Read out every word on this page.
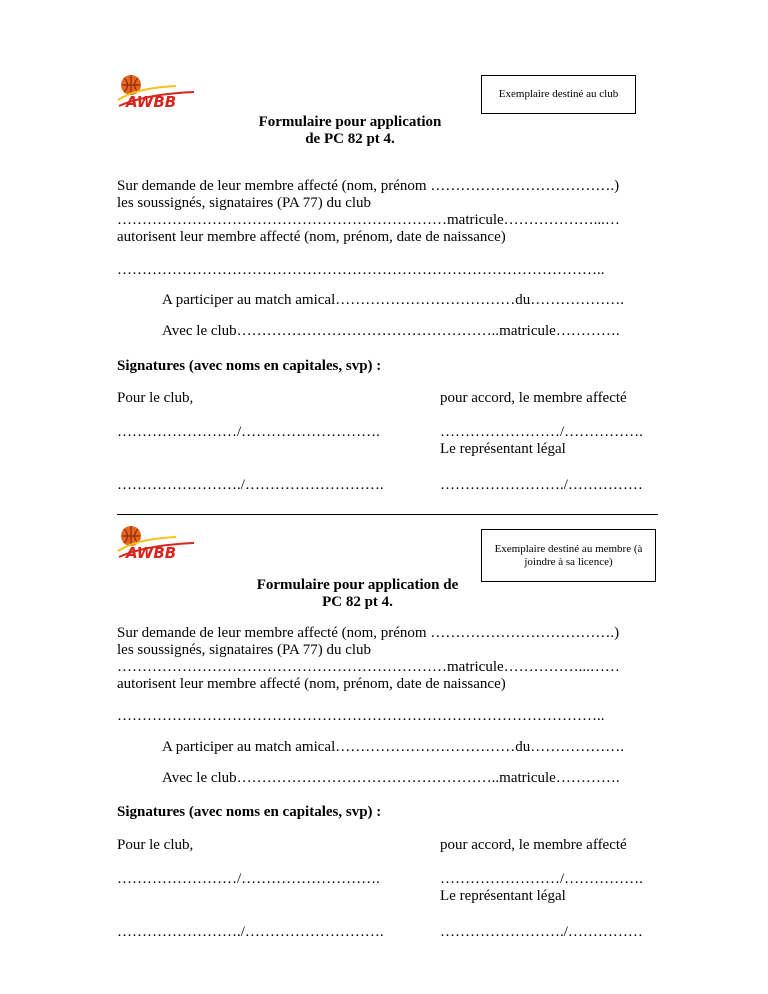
AWBB	Exemplaire destiné au club
Formulaire pour application
de PC 82 pt 4.
Sur demande de leur membre affecté (nom, prénom ……………………………….)
les soussignés, signataires (PA 77) du club
…………………………………………………………matricule………………...…
autorisent leur membre affecté (nom, prénom, date de naissance)
……………………………………………………………………………………..
A participer au match amical………………………………du……………….
Avec le club……………………………………………..matricule………….
Signatures (avec noms en capitales, svp) :
Pour le club,	pour accord, le membre affecté
……………………/……………………….	……………………/…………….
Le représentant légal
……………………./……………………….	……………………./……………
AWBB	Exemplaire destiné au membre (à joindre à sa licence)
Formulaire pour application de
PC 82 pt 4.
Sur demande de leur membre affecté (nom, prénom ……………………………….)
les soussignés, signataires (PA 77) du club
…………………………………………………………matricule……………...……
autorisent leur membre affecté (nom, prénom, date de naissance)
……………………………………………………………………………………..
A participer au match amical………………………………du……………….
Avec le club……………………………………………..matricule………….
Signatures (avec noms en capitales, svp) :
Pour le club,	pour accord, le membre affecté
……………………/……………………….	……………………/…………….
Le représentant légal
……………………./……………………….	……………………./……………
